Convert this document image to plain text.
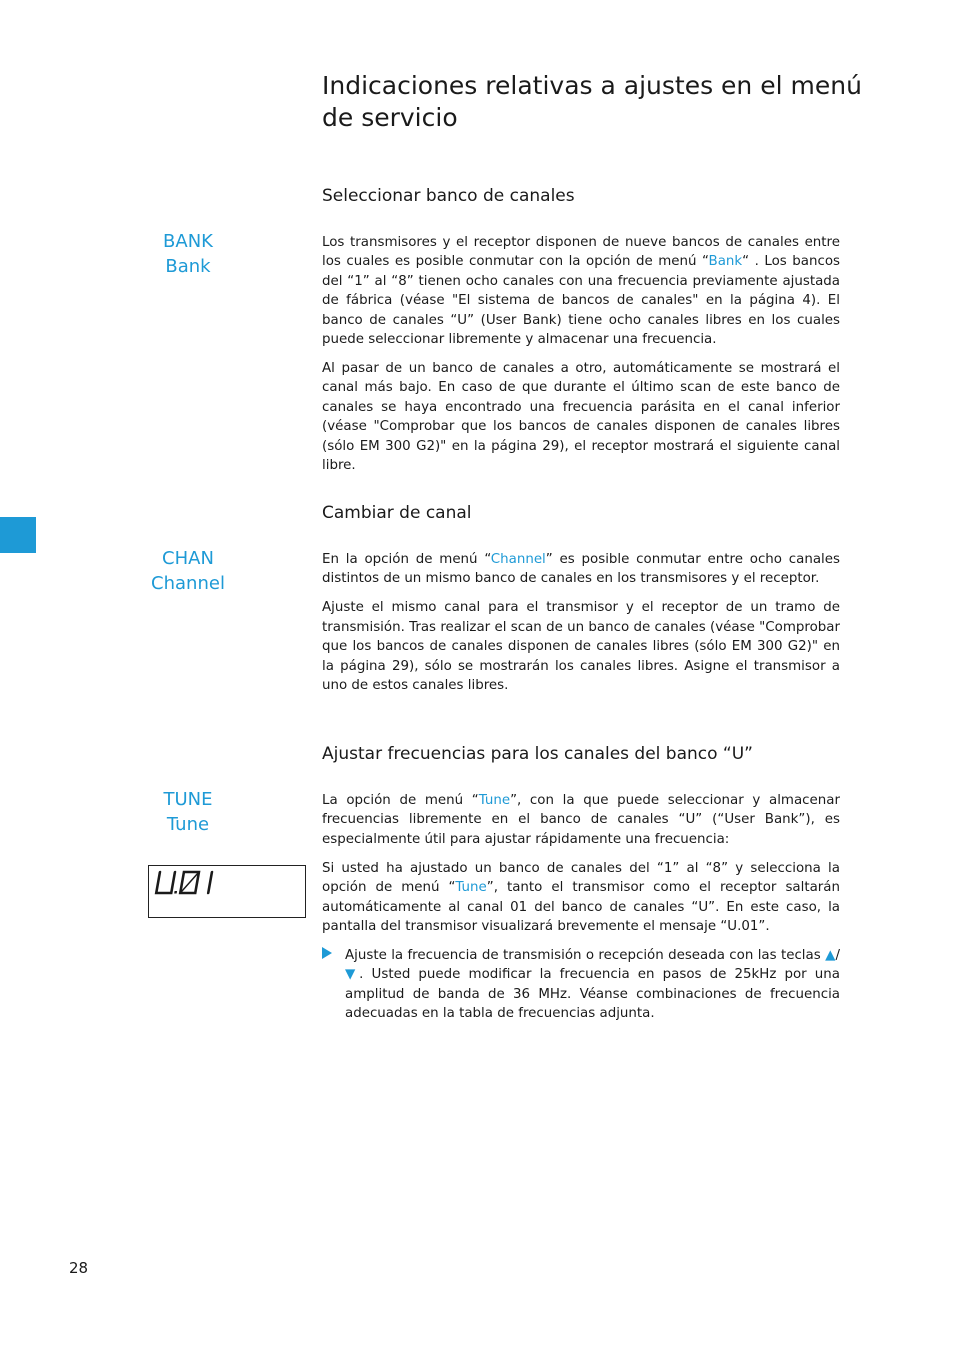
Indicaciones relativas a ajustes en el menú de servicio
Seleccionar banco de canales
BANK
Bank

Los transmisores y el receptor disponen de nueve bancos de canales entre los cuales es posible conmutar con la opción de menú “Bank“ . Los bancos del “1” al “8” tienen ocho canales con una frecuencia previamente ajustada de fábrica (véase "El sistema de bancos de canales" en la página 4). El banco de canales “U” (User Bank) tiene ocho canales libres en los cuales puede seleccionar libremente y almacenar una frecuencia.

Al pasar de un banco de canales a otro, automáticamente se mostrará el canal más bajo. En caso de que durante el último scan de este banco de canales se haya encontrado una frecuencia parásita en el canal inferior (véase "Comprobar que los bancos de canales disponen de canales libres (sólo EM 300 G2)" en la página 29), el receptor mostrará el siguiente canal libre.

Cambiar de canal
CHAN
Channel

En la opción de menú “Channel” es posible conmutar entre ocho canales distintos de un mismo banco de canales en los transmisores y el receptor.

Ajuste el mismo canal para el transmisor y el receptor de un tramo de transmisión. Tras realizar el scan de un banco de canales (véase "Comprobar que los bancos de canales disponen de canales libres (sólo EM 300 G2)" en la página 29), sólo se mostrarán los canales libres. Asigne el transmisor a uno de estos canales libres.

Ajustar frecuencias para los canales del banco “U”
TUNE
Tune
U.01

La opción de menú “Tune”, con la que puede seleccionar y almacenar frecuencias libremente en el banco de canales “U” (“User Bank”), es especialmente útil para ajustar rápidamente una frecuencia:

Si usted ha ajustado un banco de canales del “1” al “8” y selecciona la opción de menú “Tune”, tanto el transmisor como el receptor saltarán automáticamente al canal 01 del banco de canales “U”. En este caso, la pantalla del transmisor visualizará brevemente el mensaje “U.01”.

Ajuste la frecuencia de transmisión o recepción deseada con las teclas ▲/▼. Usted puede modificar la frecuencia en pasos de 25kHz por una amplitud de banda de 36 MHz. Véanse combinaciones de frecuencia adecuadas en la tabla de frecuencias adjunta.
28
